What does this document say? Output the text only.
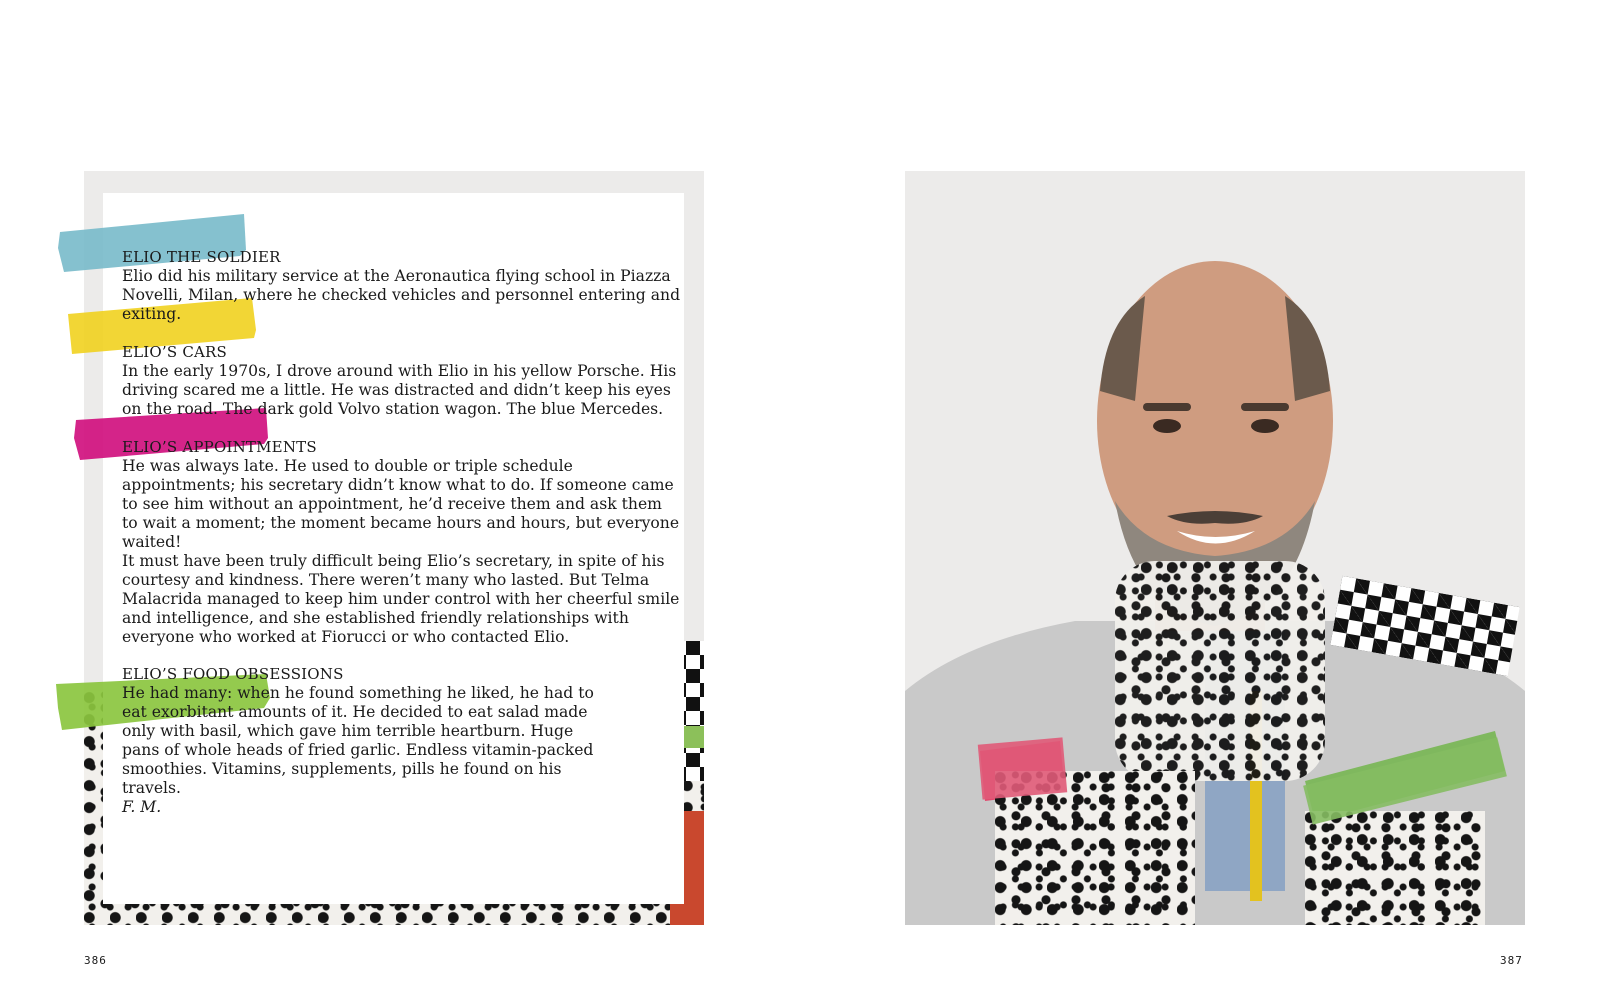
ELIO THE SOLDIER

Elio did his military service at the Aeronautica flying school in Piazza Novelli, Milan, where he checked vehicles and personnel entering and exiting.

ELIO’S CARS

In the early 1970s, I drove around with Elio in his yellow Porsche. His driving scared me a little. He was distracted and didn’t keep his eyes on the road. The dark gold Volvo station wagon. The blue Mercedes.

ELIO’S APPOINTMENTS

He was always late. He used to double or triple schedule appointments; his secretary didn’t know what to do. If someone came to see him without an appointment, he’d receive them and ask them to wait a moment; the moment became hours and hours, but everyone waited!

It must have been truly difficult being Elio’s secretary, in spite of his courtesy and kindness. There weren’t many who lasted. But Telma Malacrida managed to keep him under control with her cheerful smile and intelligence, and she established friendly relationships with everyone who worked at Fiorucci or who contacted Elio.

ELIO’S FOOD OBSESSIONS

He had many: when he found something he liked, he had to eat exorbitant amounts of it. He decided to eat salad made only with basil, which gave him terrible heartburn. Huge pans of whole heads of fried garlic. Endless vitamin-packed smoothies. Vitamins, supplements, pills he found on his travels.

F. M.

386	387
